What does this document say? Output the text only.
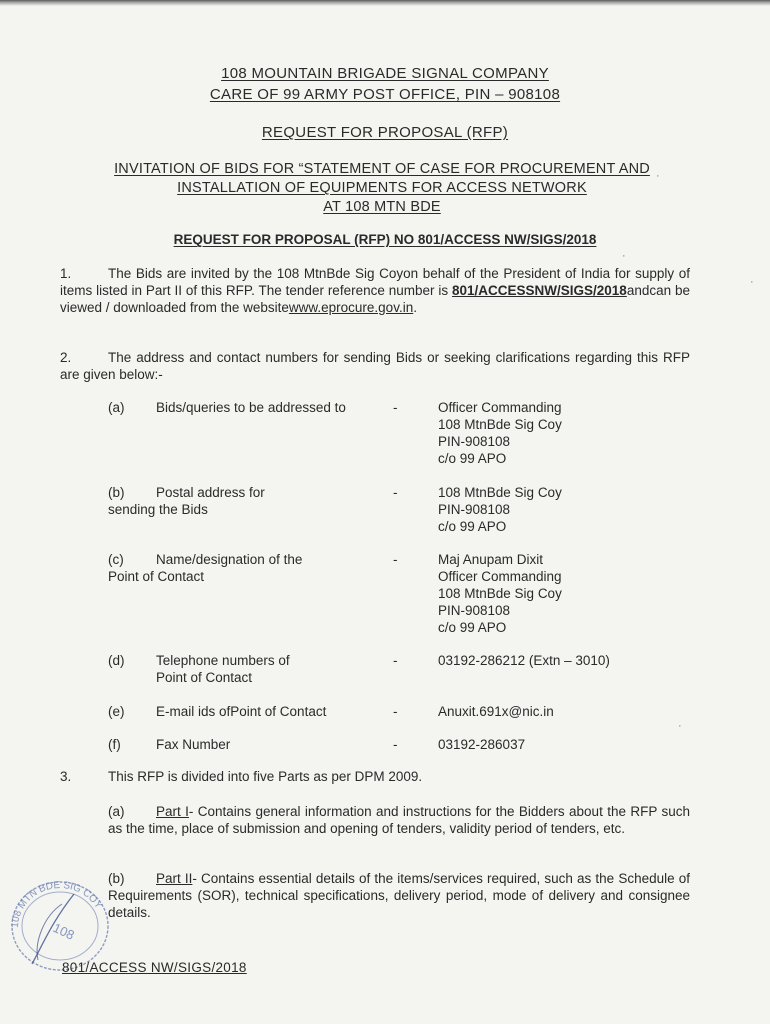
108 MOUNTAIN BRIGADE SIGNAL COMPANY
CARE OF 99 ARMY POST OFFICE, PIN – 908108
REQUEST FOR PROPOSAL (RFP)
INVITATION OF BIDS FOR “STATEMENT OF CASE FOR PROCUREMENT AND
INSTALLATION OF EQUIPMENTS FOR ACCESS NETWORK
AT 108 MTN BDE
REQUEST FOR PROPOSAL (RFP) NO 801/ACCESS NW/SIGS/2018
1.	The Bids are invited by the 108 MtnBde Sig Coyon behalf of the President of India for supply of items listed in Part II of this RFP. The tender reference number is 801/ACCESSNW/SIGS/2018andcan be viewed / downloaded from the websitewww.eprocure.gov.in.
2.	The address and contact numbers for sending Bids or seeking clarifications regarding this RFP are given below:-
(a) Bids/queries to be addressed to	-	Officer Commanding
108 MtnBde Sig Coy
PIN-908108
c/o 99 APO
(b) Postal address for
sending the Bids
-	108 MtnBde Sig Coy
PIN-908108
c/o 99 APO
(c) Name/designation of the
Point of Contact
-	Maj Anupam Dixit
Officer Commanding
108 MtnBde Sig Coy
PIN-908108
c/o 99 APO
(d) Telephone numbers of
Point of Contact
-	03192-286212 (Extn – 3010)
(e) E-mail ids ofPoint of Contact	-	Anuxit.691x@nic.in
(f)	Fax Number	-	03192-286037
3.	This RFP is divided into five Parts as per DPM 2009.
(a) Part I- Contains general information and instructions for the Bidders about the RFP such as the time, place of submission and opening of tenders, validity period of tenders, etc.
(b) Part II- Contains essential details of the items/services required, such as the Schedule of Requirements (SOR), technical specifications, delivery period, mode of delivery and consignee details.
108 MTN BDE SIG COY
108
801/ACCESS NW/SIGS/2018
·
·
·
·
